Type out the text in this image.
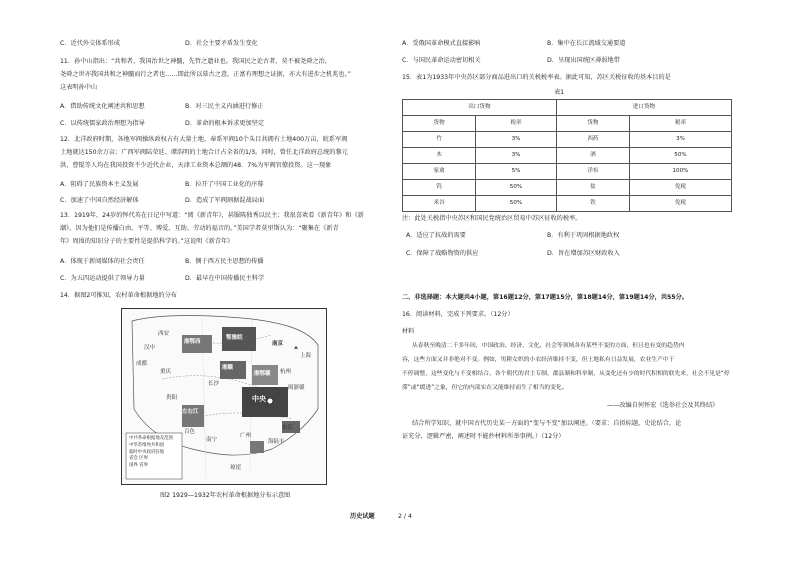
C．近代外交体系形成	D．社会主要矛盾发生变化
11．孙中山指出：“共和者，我国治世之神髓，先哲之遗业也。我国民之论古者，莫不被尧舜之治，
尧舜之世亦我国共和之神髓而行之者也……即此所以慕古之意，正富有理想之证据，亦大有进步之机兆也。”
这表明孙中山
A．借助传统文化阐述共和思想	B．对三民主义内涵进行修正
C．以传统儒家政治理想为指导	D．革命的根本诉求更加坚定
12．北洋政府时期，各地军阀操纵政权占有大量土地，奉系军阀10个头目共拥有土地400万亩，皖系军阀
土地就达150余万亩；广西军阀陆荣廷、谭浩明的土地合计占全省的1/3。同时，曾任北洋政府总统的黎元
洪、曹锟等人均在我国投资不少近代企业，天津工业资本总额的48．7%为军阀官僚投资。这一现象
A．阻碍了民族资本主义发展	B．拉开了中国工业化的序幕
C．加速了中国自然经济解体	D．造成了军阀割据混战局面
13．1919年，24岁的恽代英在日记中写道：“阅《新青年》，甚服陈独秀以民主；我很喜欢看《新青年》和《新
潮》，因为他们是传播白由、平等、博爱、互助、劳动的福音的。”美国学者莫里斯认为：“聚集在《新青
年》周围的知识分子的主要性是提倡科学的。”这说明《新青年》
A．体现于新闻媒体的社会责任	B．侧于西方民主思想的传播
C．为五四运动提供了领导力量	D．最早在中国传播民主科学
14．据图2可推知，农村革命根据地的分布
湘鄂西
鄂豫皖
南京
上海
杭州
湘赣
湘鄂赣
闽浙赣
中央
广州
南宁
百色
东江
海陆丰
左右江
琼崖
长沙
西安
汉中
重庆
成都
贵阳
中共革命根据地及范围
中华苏维埃共和国
临时中央政府驻地
省会 区界
国界 省界
图2 1929—1932年农村革命根据地分布示意图
A．受俄国革命模式直接影响	B．集中在长江流域交通要道
C．与国民革命运动密切相关	D．呈现出国统区薄弱地带
15．表1为1933年中央苏区部分商品进出口的关税税率表。据此可知，苏区关税征收的基本目的是
表1
出口货物		进口货物	
货物	税率	货物	税率
竹	3%	西药	3%
木	3%	酒	50%
家禽	5%	洋布	100%
钨	50%	盐	免税
米谷	50%	铁	免税
注：此处关税指中央苏区和国民党统治区贸易中苏区征收的税率。
A．适应了抗战的需要	B．有利于巩固根据地政权
C．保障了战略物资的供应	D．旨在增加苏区财政收入
二、非选择题：本大题共4小题，第16题12分，第17题15分，第18题14分，第19题14分，共55分。
16．阅读材料，完成下列要求。（12分）
材料
从春秋至晚清二千多年间，中国政治、经济、文化、社会等领域各有某些不变的方面，但且也有变的趋势内
容，这些方面又并非绝对不变。例如，男耕女织的小农经济维持不变，但土地私有日益发展，农业生产中于
不停调整，这些变化与不变相结合。各个朝代的君主专制、郡县制和科举制，从变化还有少的时代积相的联先来，社会不见是“停
滞”或“缓进”之象，但它的内部实在又能维持而生了相当的变化。
——改编自何怀宏《选举社会及其终结》
结合所学知识，就中国古代历史某一方面的“变与不变”加以阐述。（要求：自拟标题，史论结合，论
证充分，逻辑严密，阐述时不能抄材料所举事例。）（12分）
历史试题	2 / 4
